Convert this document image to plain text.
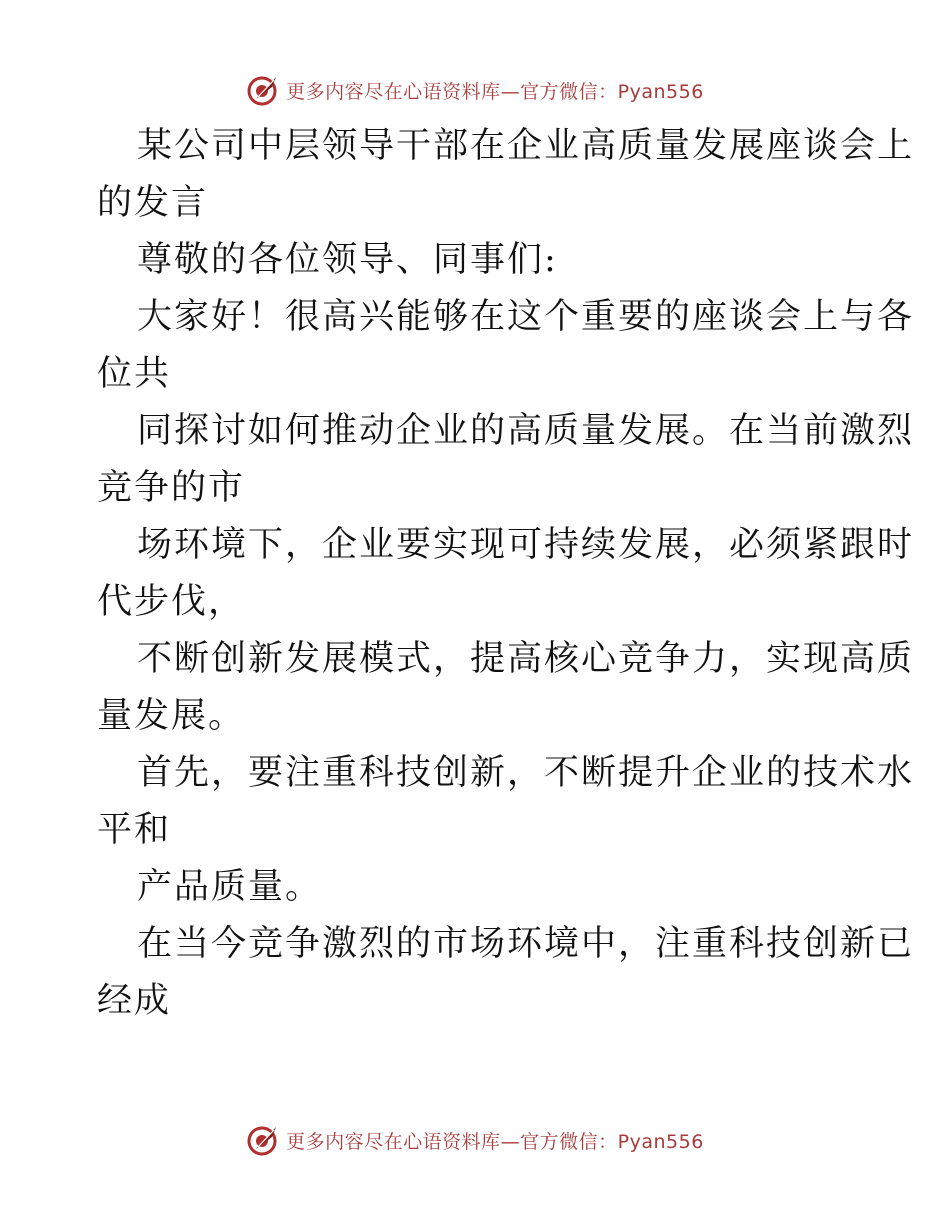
更多内容尽在心语资料库—官方微信：Pyan556
某公司中层领导干部在企业高质量发展座谈会上
的发言
尊敬的各位领导、同事们:
大家好！很高兴能够在这个重要的座谈会上与各
位共
同探讨如何推动企业的高质量发展。在当前激烈
竞争的市
场环境下，企业要实现可持续发展，必须紧跟时
代步伐，
不断创新发展模式，提高核心竞争力，实现高质
量发展。
首先，要注重科技创新，不断提升企业的技术水
平和
产品质量。
在当今竞争激烈的市场环境中，注重科技创新已
经成
更多内容尽在心语资料库—官方微信：Pyan556
